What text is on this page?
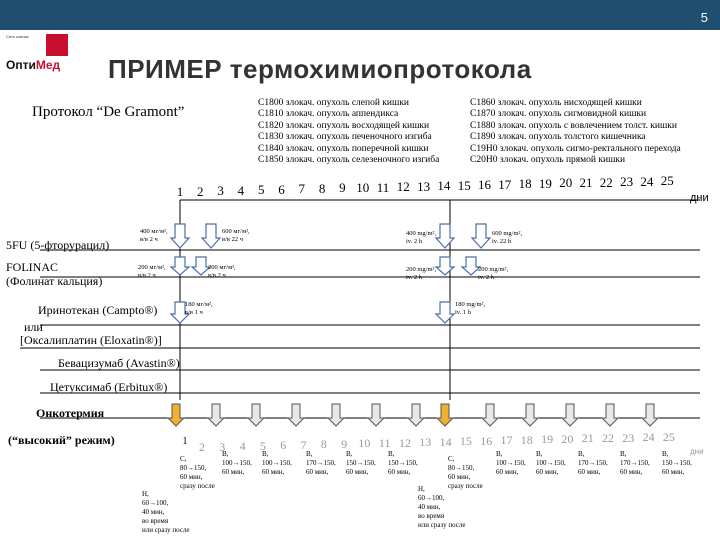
5
Сеть клиник
ОптиМед ПРИМЕР термохимиопротокола
Протокол “De Gramont”
С1800 злокач. опухоль слепой кишки
С1810 злокач. опухоль аппендикса
С1820 злокач. опухоль восходящей кишки
С1830 злокач. опухоль печеночного изгиба
С1840 злокач. опухоль поперечной кишки
С1850 злокач. опухоль селезеночного изгиба
С1860 злокач. опухоль нисходящей кишки
С1870 злокач. опухоль сигмовидной кишки
С1880 злокач. опухоль с вовлечением толст. кишки
С1890 злокач. опухоль толстого кишечника
С19Н0 злокач. опухоль сигмо-ректального перехода
С20Н0 злокач. опухоль прямой кишки
1	2	3	4	5	6	7	8	9 10 11 12 13 14 15 16 17 18 19 20 21 22 23 24 25
дни
5FU (5-фторурацил)
FOLINAC
(Фолинат кальция)
Иринотекан (Campto®)
или
[Оксалиплатин (Eloxatin®)]
Бевацизумаб (Avastin®)
Цетуксимаб (Erbitux®)
Онкотермия
(“высокий” режим)
400 мг/м²,
в/в 2 ч
600 мг/м²,
в/в 22 ч
400 mg/m²,
iv. 2 h
600 mg/m²,
iv. 22 h
200 мг/м²,
в/в 2 ч
200 мг/м²,
в/в 2 ч
200 mg/m²,
iv. 2 h
200 mg/m²,
iv. 2 h
180 мг/м²,
в/в 1 ч
180 mg/m²,
iv. 1 h
1 2	3	4	5	6	7	8	9 10 11 12 13 14 15 16 17 18 19 20 21 22 23 24 25
дни
С,
80→150,
60 мин,
сразу после
С,
80→150,
60 мин,
сразу после
Н,
60→100,
40 мин,
во время
или сразу после
Н,
60→100,
40 мин,
во время
или сразу после
В,
100→150,
60 мин,
В,
100→150,
60 мин,
В,
170→150,
60 мин,
В,
150→150,
60 мин,
В,
150→150,
60 мин,
В,
100→150,
60 мин,
В,
100→150,
60 мин,
В,
170→150,
60 мин,
В,
170→150,
60 мин,
В,
150→150,
60 мин,
